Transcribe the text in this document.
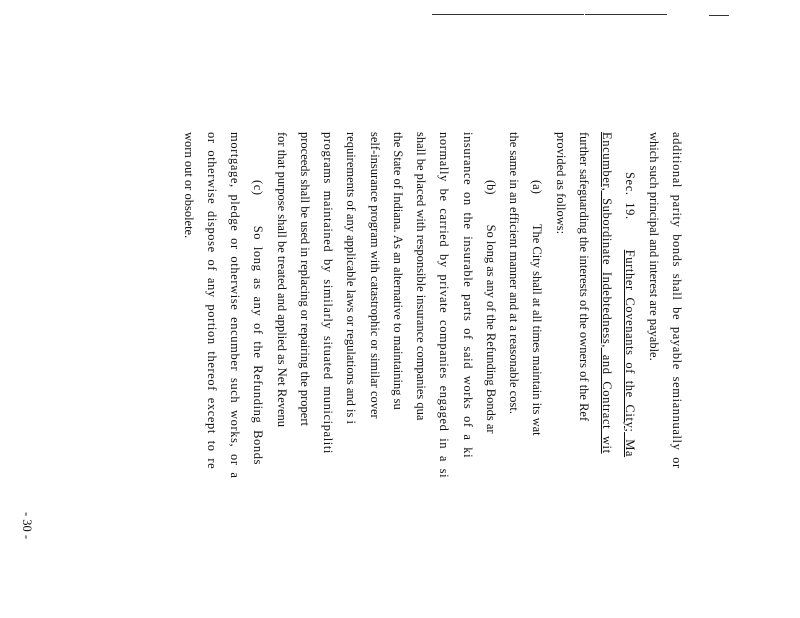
additional parity bonds shall be payable semiannually or
which such principal and interest are payable.
Sec. 19.Further Covenants of the City; Ma
Encumber, Subordinate Indebtedness, and Contract wit
further safeguarding the interests of the owners of the Ref
provided as follows:
(a)The City shall at all times maintain its wat
the same in an efficient manner and at a reasonable cost.
(b)So long as any of the Refunding Bonds ar
insurance on the insurable parts of said works of a ki
normally be carried by private companies engaged in a si
shall be placed with responsible insurance companies qua
the State of Indiana. As an alternative to maintaining su
self-insurance program with catastrophic or similar cover
requirements of any applicable laws or regulations and is i
programs maintained by similarly situated municipaliti
proceeds shall be used in replacing or repairing the propert
for that purpose shall be treated and applied as Net Revenu
(c)So long as any of the Refunding Bonds
mortgage, pledge or otherwise encumber such works, or a
or otherwise dispose of any portion thereof except to re
worn out or obsolete.
- 30 -
